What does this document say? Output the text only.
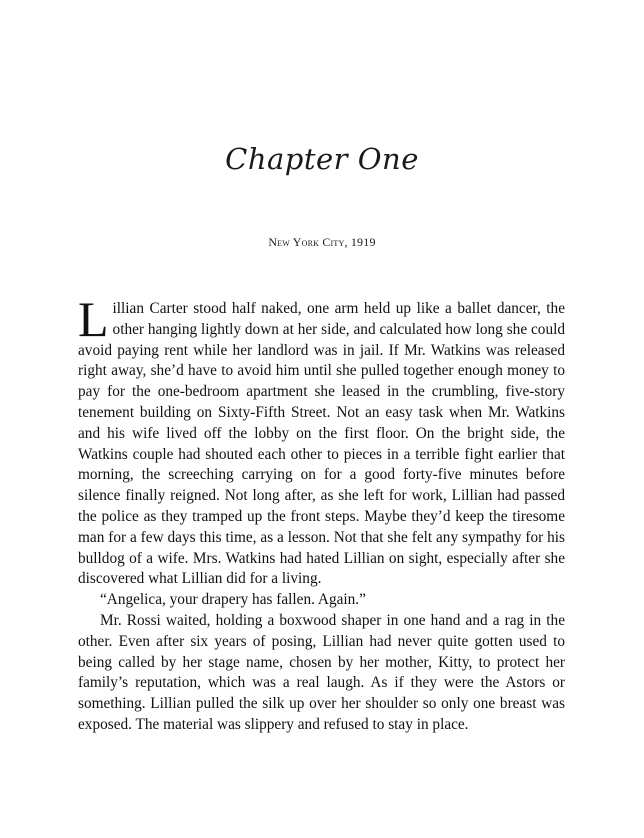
Chapter One
New York City, 1919

Lillian Carter stood half naked, one arm held up like a ballet dancer, the other hanging lightly down at her side, and calculated how long she could avoid paying rent while her landlord was in jail. If Mr. Watkins was released right away, she’d have to avoid him until she pulled together enough money to pay for the one-bedroom apartment she leased in the crumbling, five-story tenement building on Sixty-Fifth Street. Not an easy task when Mr. Watkins and his wife lived off the lobby on the first floor. On the bright side, the Watkins couple had shouted each other to pieces in a terrible fight earlier that morning, the screeching carrying on for a good forty-five minutes before silence finally reigned. Not long after, as she left for work, Lillian had passed the police as they tramped up the front steps. Maybe they’d keep the tiresome man for a few days this time, as a lesson. Not that she felt any sympathy for his bulldog of a wife. Mrs. Watkins had hated Lillian on sight, especially after she discovered what Lillian did for a living.

“Angelica, your drapery has fallen. Again.”

Mr. Rossi waited, holding a boxwood shaper in one hand and a rag in the other. Even after six years of posing, Lillian had never quite gotten used to being called by her stage name, chosen by her mother, Kitty, to protect her family’s reputation, which was a real laugh. As if they were the Astors or something. Lillian pulled the silk up over her shoulder so only one breast was exposed. The material was slippery and refused to stay in place.
